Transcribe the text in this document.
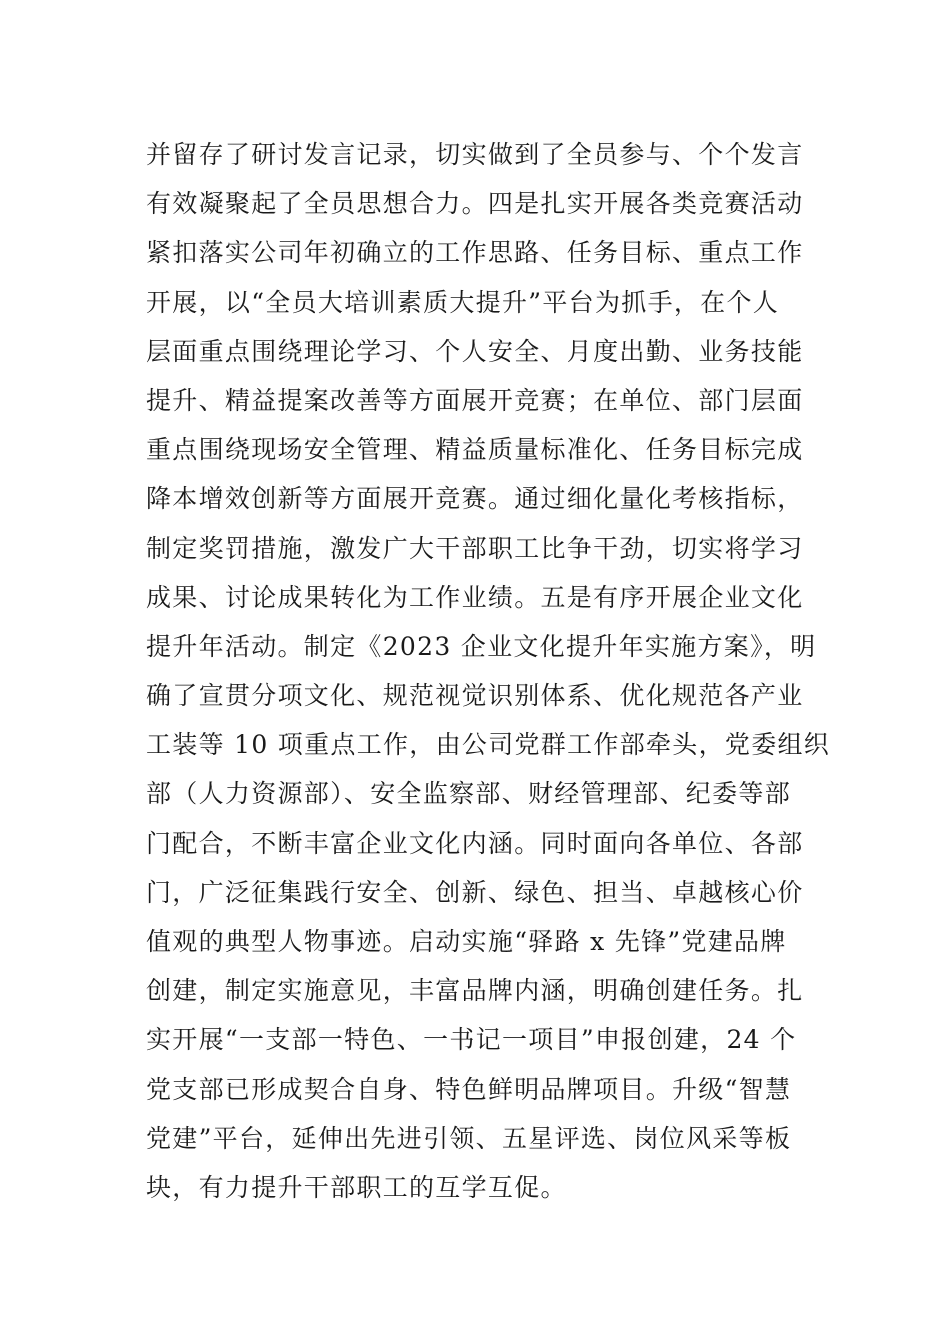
并留存了研讨发言记录，切实做到了全员参与、个个发言
有效凝聚起了全员思想合力。四是扎实开展各类竞赛活动
紧扣落实公司年初确立的工作思路、任务目标、重点工作
开展，以“全员大培训素质大提升”平台为抓手，在个人
层面重点围绕理论学习、个人安全、月度出勤、业务技能
提升、精益提案改善等方面展开竞赛；在单位、部门层面
重点围绕现场安全管理、精益质量标准化、任务目标完成
降本增效创新等方面展开竞赛。通过细化量化考核指标，
制定奖罚措施，激发广大干部职工比争干劲，切实将学习
成果、讨论成果转化为工作业绩。五是有序开展企业文化
提升年活动。制定《2023 企业文化提升年实施方案》，明
确了宣贯分项文化、规范视觉识别体系、优化规范各产业
工装等 10 项重点工作，由公司党群工作部牵头，党委组织
部（人力资源部）、安全监察部、财经管理部、纪委等部
门配合，不断丰富企业文化内涵。同时面向各单位、各部
门，广泛征集践行安全、创新、绿色、担当、卓越核心价
值观的典型人物事迹。启动实施“驿路 x 先锋”党建品牌
创建，制定实施意见，丰富品牌内涵，明确创建任务。扎
实开展“一支部一特色、一书记一项目”申报创建，24 个
党支部已形成契合自身、特色鲜明品牌项目。升级“智慧
党建”平台，延伸出先进引领、五星评选、岗位风采等板
块，有力提升干部职工的互学互促。
